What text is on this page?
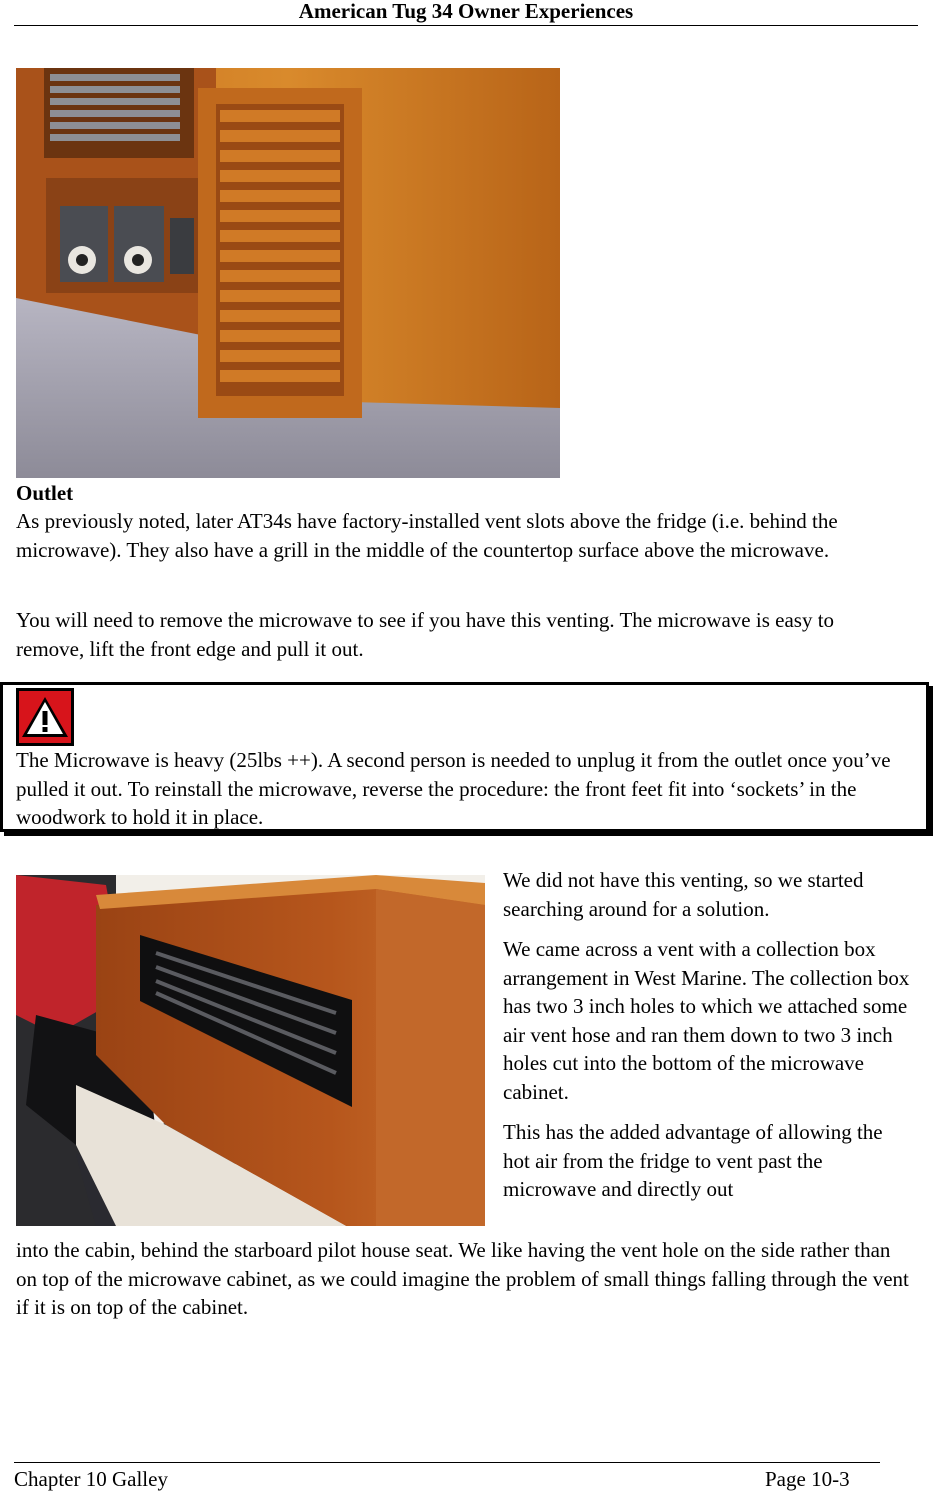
American Tug 34 Owner Experiences
Outlet

As previously noted, later AT34s have factory-installed vent slots above the fridge (i.e. behind the microwave). They also have a grill in the middle of the countertop surface above the microwave.

You will need to remove the microwave to see if you have this venting. The microwave is easy to remove, lift the front edge and pull it out.

The Microwave is heavy (25lbs ++). A second person is needed to unplug it from the outlet once you’ve pulled it out. To reinstall the microwave, reverse the procedure: the front feet fit into ‘sockets’ in the woodwork to hold it in place.

We did not have this venting, so we started searching around for a solution.

We came across a vent with a collection box arrangement in West Marine. The collection box has two 3 inch holes to which we attached some air vent hose and ran them down to two 3 inch holes cut into the bottom of the microwave cabinet.

This has the added advantage of allowing the hot air from the fridge to vent past the microwave and directly out

into the cabin, behind the starboard pilot house seat. We like having the vent hole on the side rather than on top of the microwave cabinet, as we could imagine the problem of small things falling through the vent if it is on top of the cabinet.

Chapter 10 Galley	Page 10-3
